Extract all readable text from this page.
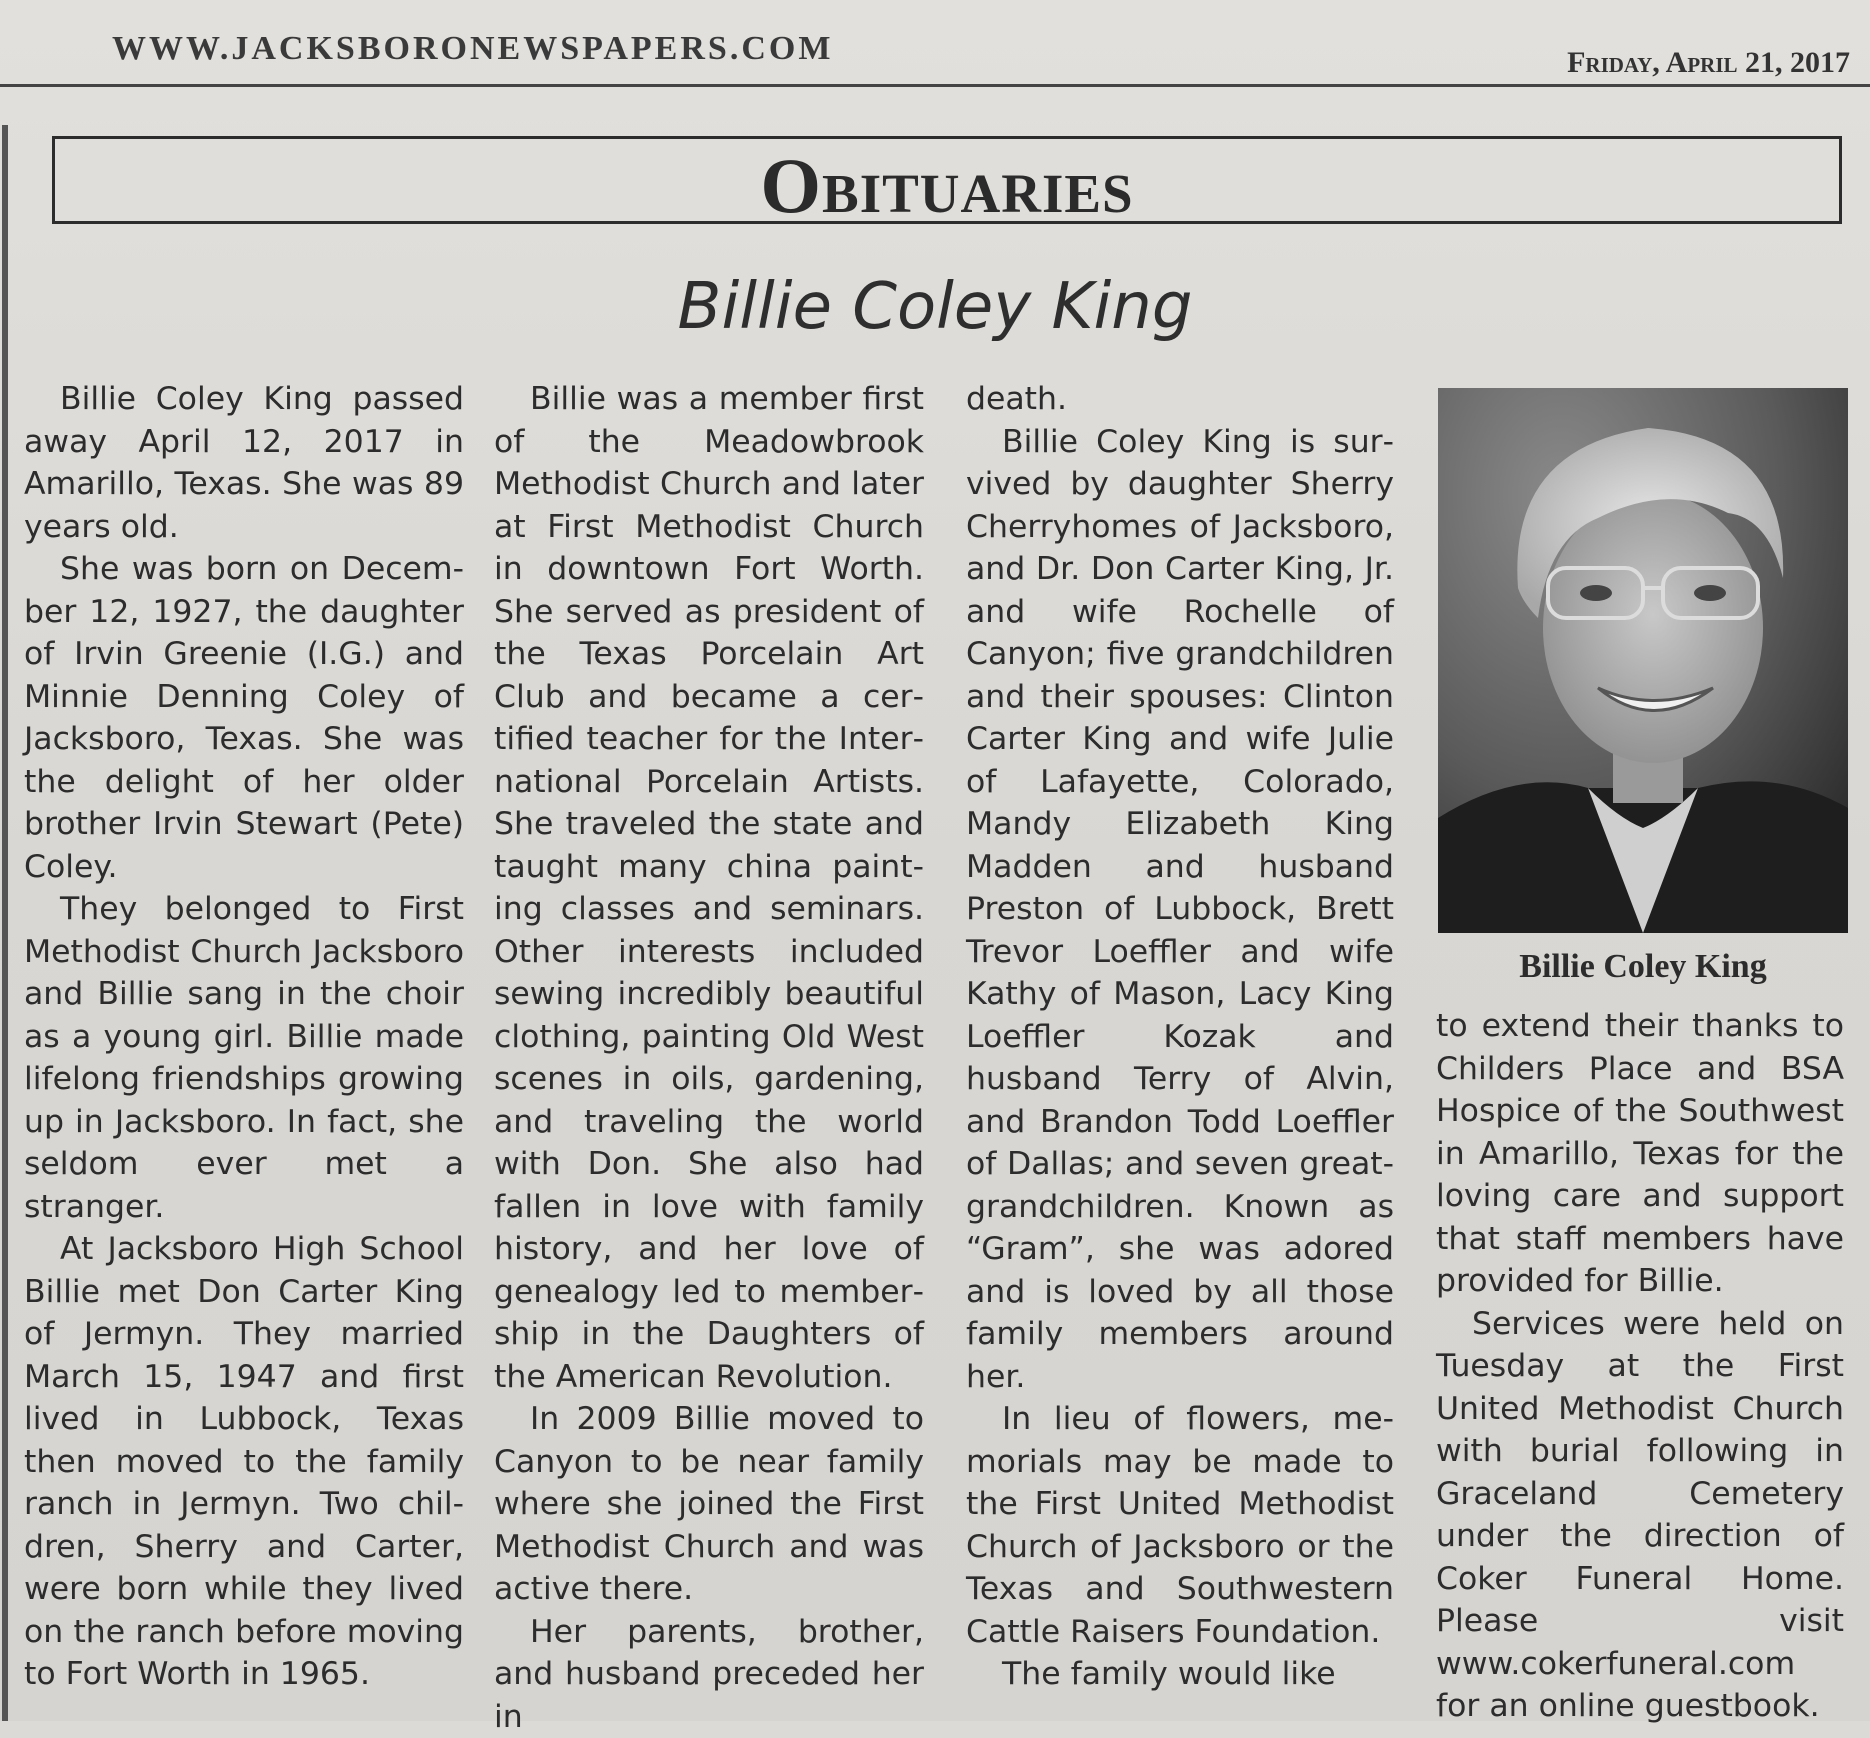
WWW.JACKSBORONEWSPAPERS.COM	Friday, April 21, 2017
Obituaries
Billie Coley King

Billie Coley King passed away April 12, 2017 in Amarillo, Texas. She was 89 years old.

She was born on December 12, 1927, the daughter of Irvin Greenie (I.G.) and Minnie Denning Coley of Jacksboro, Texas. She was the delight of her older brother Irvin Stewart (Pete) Coley.

They belonged to First Methodist Church Jacksboro and Billie sang in the choir as a young girl. Billie made lifelong friendships growing up in Jacksboro. In fact, she seldom ever met a stranger.

At Jacksboro High School Billie met Don Carter King of Jermyn. They married March 15, 1947 and first lived in Lubbock, Texas then moved to the family ranch in Jermyn. Two children, Sherry and Carter, were born while they lived on the ranch before moving to Fort Worth in 1965.

Billie was a member first of the Meadowbrook Methodist Church and later at First Methodist Church in downtown Fort Worth. She served as president of the Texas Porcelain Art Club and became a certified teacher for the International Porcelain Artists. She traveled the state and taught many china painting classes and seminars. Other interests included sewing incredibly beautiful clothing, painting Old West scenes in oils, gardening, and traveling the world with Don. She also had fallen in love with family history, and her love of genealogy led to membership in the Daughters of the American Revolution.

In 2009 Billie moved to Canyon to be near family where she joined the First Methodist Church and was active there.

Her parents, brother, and husband preceded her in

death.

Billie Coley King is survived by daughter Sherry Cherryhomes of Jacksboro, and Dr. Don Carter King, Jr. and wife Rochelle of Canyon; five grandchildren and their spouses: Clinton Carter King and wife Julie of Lafayette, Colorado, Mandy Elizabeth King Madden and husband Preston of Lubbock, Brett Trevor Loeffler and wife Kathy of Mason, Lacy King Loeffler Kozak and husband Terry of Alvin, and Brandon Todd Loeffler of Dallas; and seven great-grandchildren. Known as “Gram”, she was adored and is loved by all those family members around her.

In lieu of flowers, memorials may be made to the First United Methodist Church of Jacksboro or the Texas and Southwestern Cattle Raisers Foundation.

The family would like

Billie Coley King

to extend their thanks to Childers Place and BSA Hospice of the Southwest in Amarillo, Texas for the loving care and support that staff members have provided for Billie.

Services were held on Tuesday at the First United Methodist Church with burial following in Graceland Cemetery under the direction of Coker Funeral Home. Please visit www.cokerfuneral.com for an online guestbook.
